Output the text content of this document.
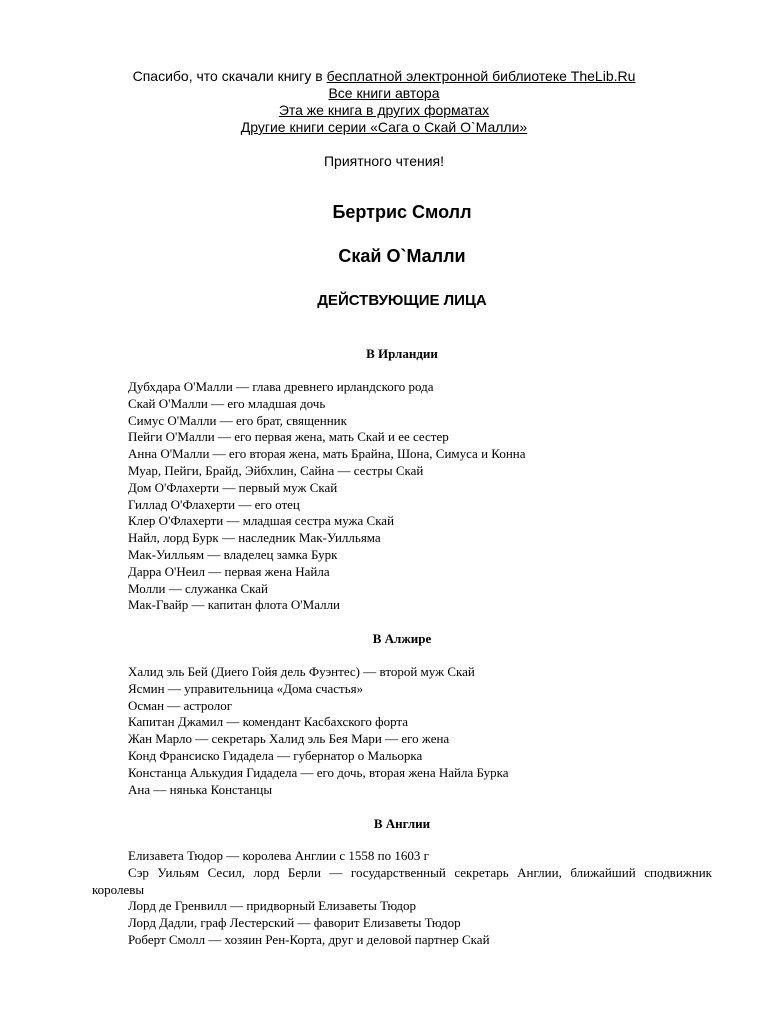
Спасибо, что скачали книгу в бесплатной электронной библиотеке TheLib.Ru
Все книги автора
Эта же книга в других форматах
Другие книги серии «Сага о Скай О`Малли»
Приятного чтения!
Бертрис Смолл
Скай О`Малли
ДЕЙСТВУЮЩИЕ ЛИЦА
В Ирландии
Дубхдара О'Малли — глава древнего ирландского рода
Скай О'Малли — его младшая дочь
Симус О'Малли — его брат, священник
Пейги О'Малли — его первая жена, мать Скай и ее сестер
Анна О'Малли — его вторая жена, мать Брайна, Шона, Симуса и Конна
Муар, Пейги, Брайд, Эйбхлин, Сайна — сестры Скай
Дом О'Флахерти — первый муж Скай
Гиллад О'Флахерти — его отец
Клер О'Флахерти — младшая сестра мужа Скай
Найл, лорд Бурк — наследник Мак-Уилльяма
Мак-Уилльям — владелец замка Бурк
Дарра О'Неил — первая жена Найла
Молли — служанка Скай
Мак-Гвайр — капитан флота О'Малли
В Алжире
Халид эль Бей (Диего Гойя дель Фуэнтес) — второй муж Скай
Ясмин — управительница «Дома счастья»
Осман — астролог
Капитан Джамил — комендант Касбахского форта
Жан Марло — секретарь Халид эль Бея Мари — его жена
Конд Франсиско Гидадела — губернатор о Мальорка
Констанца Алькудия Гидадела — его дочь, вторая жена Найла Бурка
Ана — нянька Констанцы
В Англии
Елизавета Тюдор — королева Англии с 1558 по 1603 г
Сэр Уильям Сесил, лорд Берли — государственный секретарь Англии, ближайший сподвижник королевы
Лорд де Гренвилл — придворный Елизаветы Тюдор
Лорд Дадли, граф Лестерский — фаворит Елизаветы Тюдор
Роберт Смолл — хозяин Рен-Корта, друг и деловой партнер Скай
